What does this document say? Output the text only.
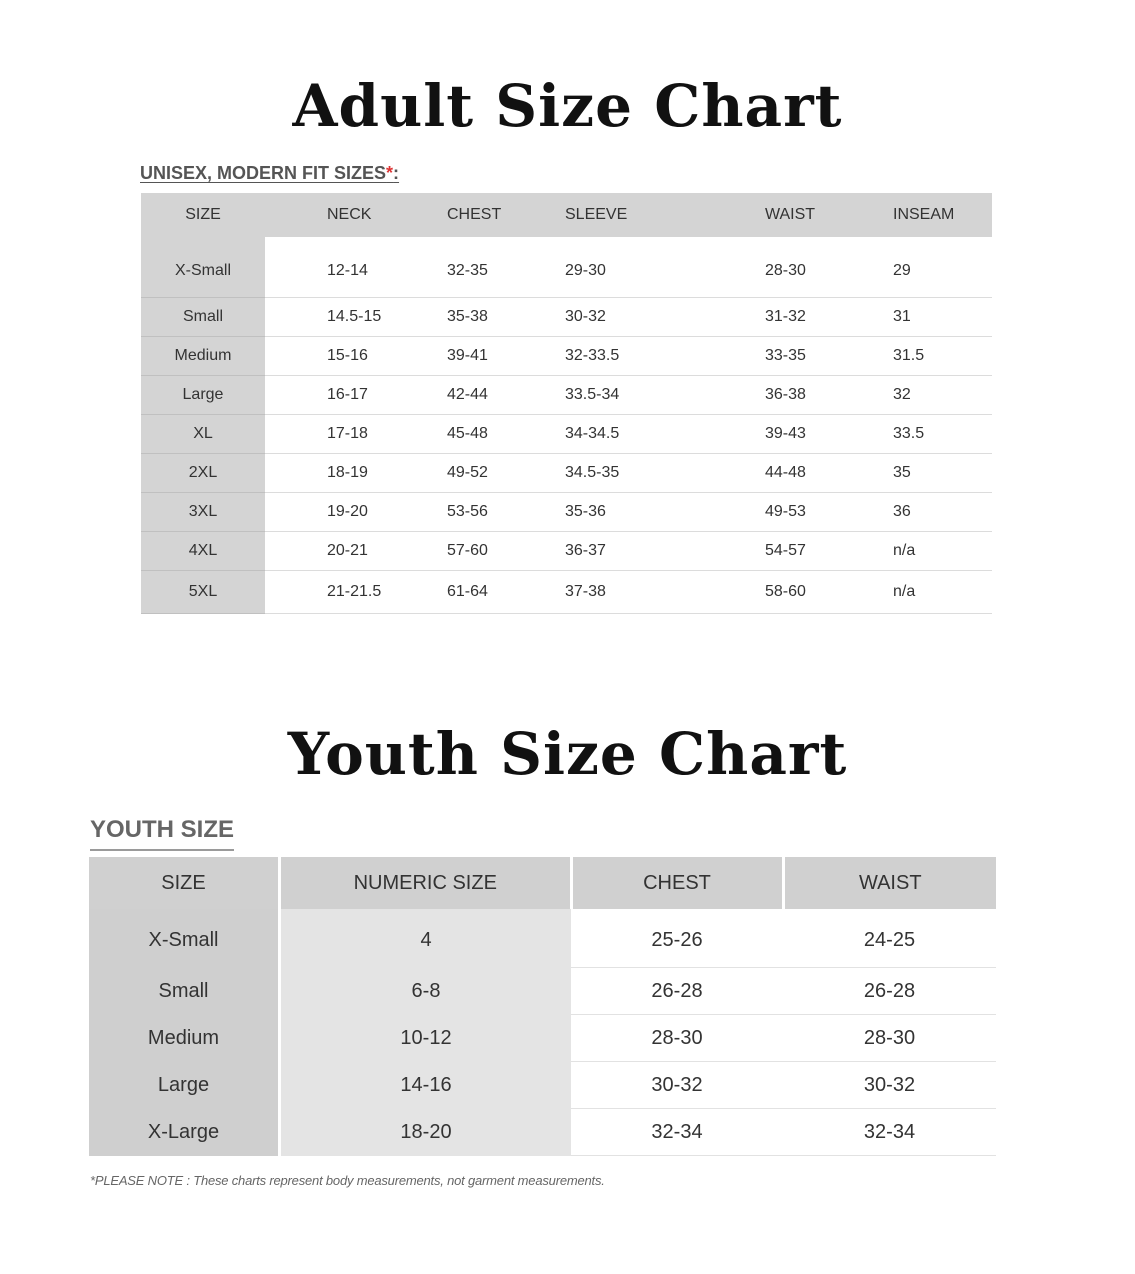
Adult Size Chart
UNISEX, MODERN FIT SIZES*:
SIZE	NECK	CHEST	SLEEVE	WAIST	INSEAM
X-Small	12-14	32-35	29-30	28-30	29
Small	14.5-15	35-38	30-32	31-32	31
Medium	15-16	39-41	32-33.5	33-35	31.5
Large	16-17	42-44	33.5-34	36-38	32
XL	17-18	45-48	34-34.5	39-43	33.5
2XL	18-19	49-52	34.5-35	44-48	35
3XL	19-20	53-56	35-36	49-53	36
4XL	20-21	57-60	36-37	54-57	n/a
5XL	21-21.5	61-64	37-38	58-60	n/a
Youth Size Chart
YOUTH SIZE
SIZE	NUMERIC SIZE	CHEST	WAIST
X-Small	4	25-26	24-25
Small	6-8	26-28	26-28
Medium	10-12	28-30	28-30
Large	14-16	30-32	30-32
X-Large	18-20	32-34	32-34
*PLEASE NOTE : These charts represent body measurements, not garment measurements.
